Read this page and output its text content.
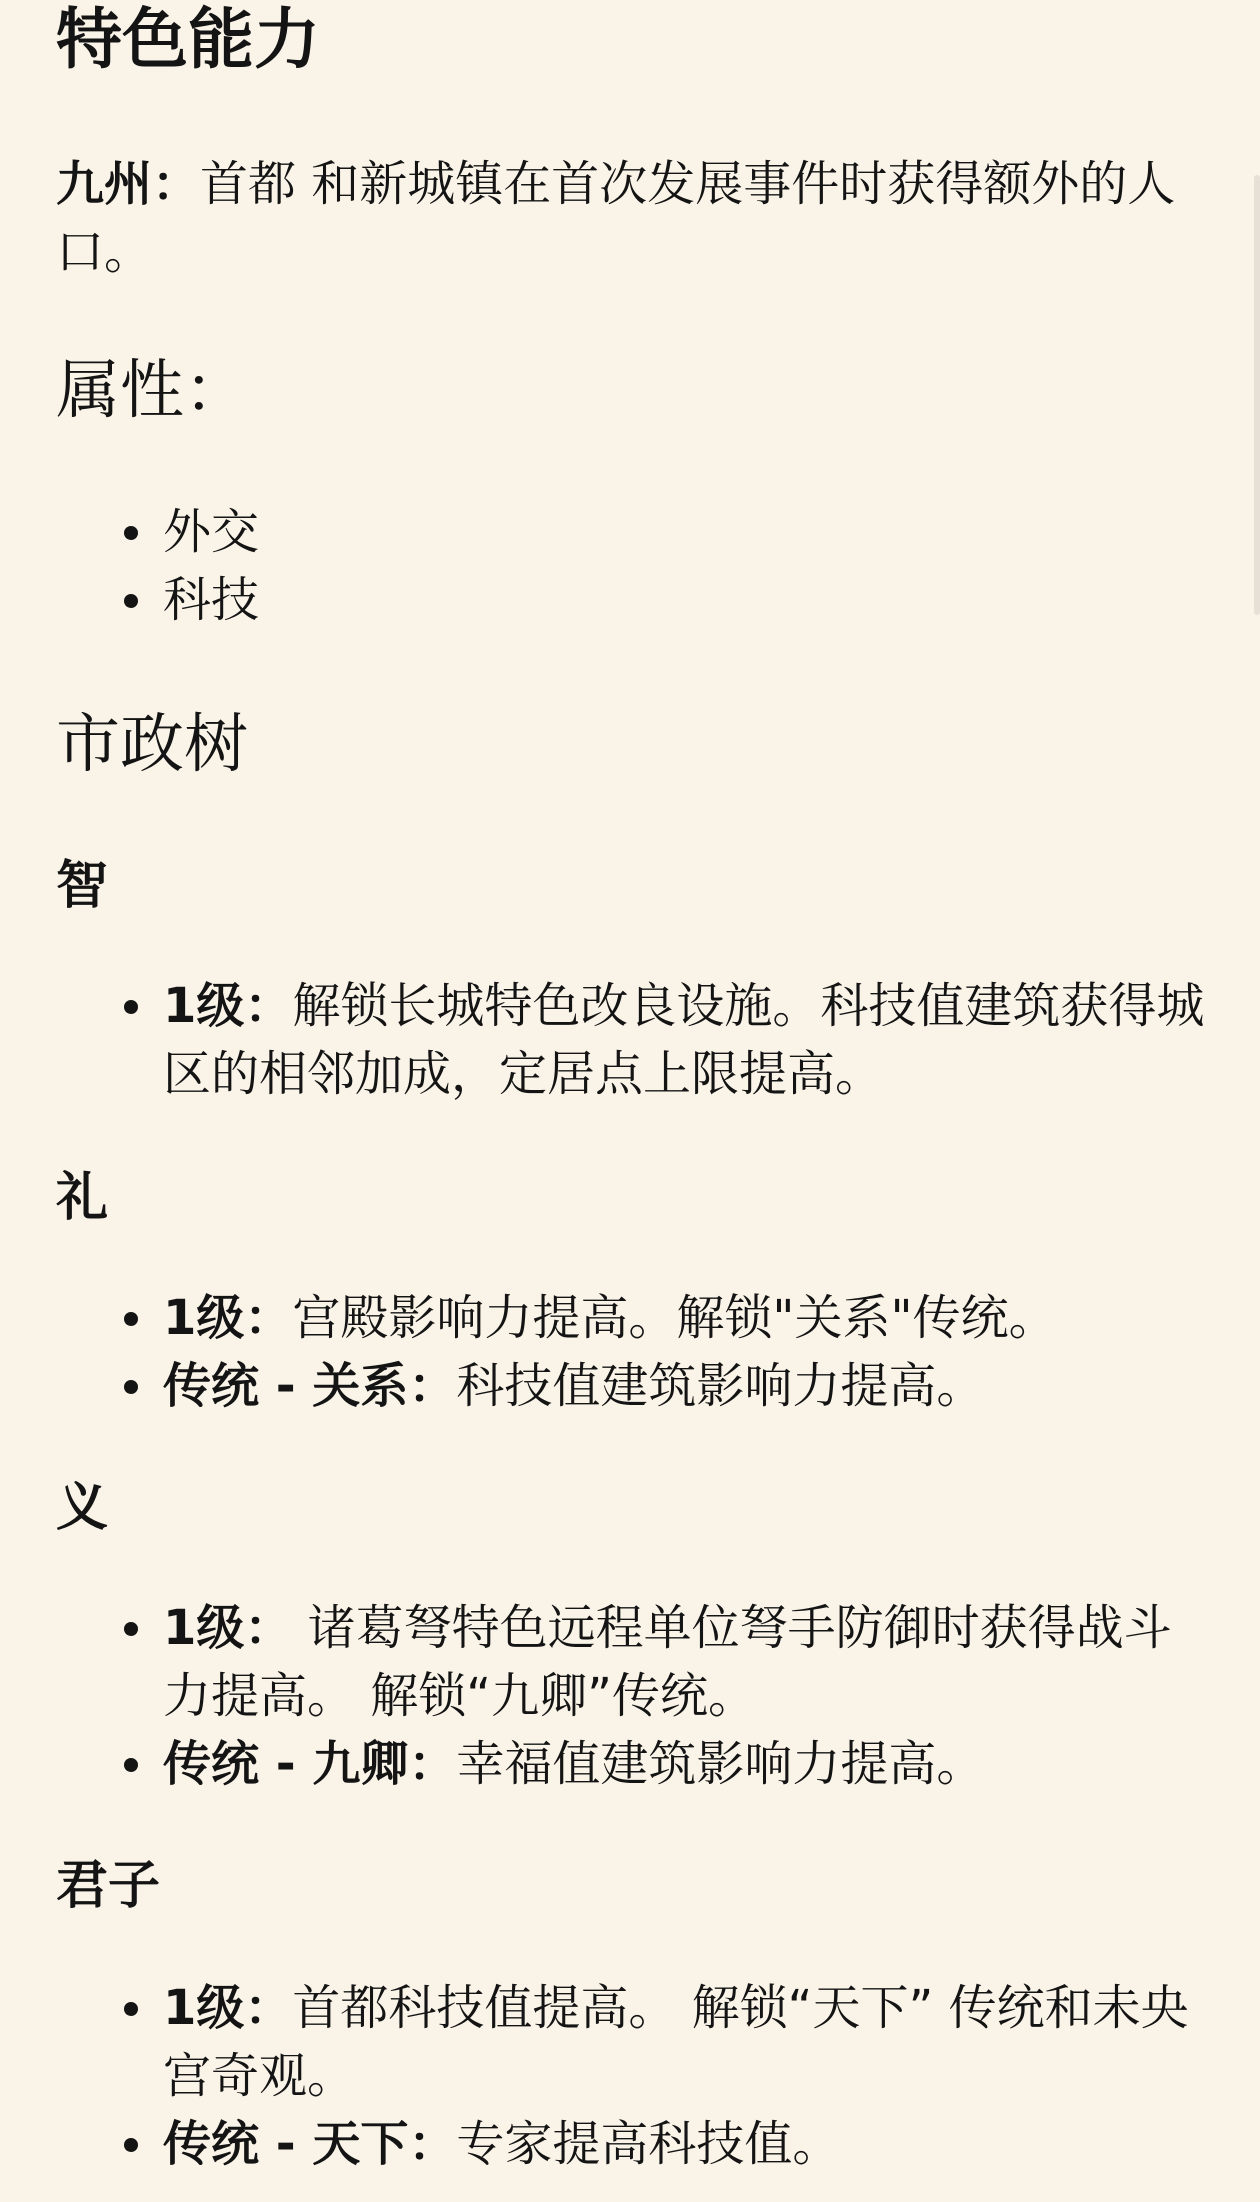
特色能力
九州：首都 和新城镇在首次发展事件时获得额外的人口。
属性：
外交
科技
市政树
智
1级：解锁长城特色改良设施。科技值建筑获得城区的相邻加成，定居点上限提高。
礼
1级：宫殿影响力提高。解锁"关系"传统。
传统 - 关系：科技值建筑影响力提高。
义
1级： 诸葛弩特色远程单位弩手防御时获得战斗力提高。 解锁“九卿”传统。
传统 - 九卿：幸福值建筑影响力提高。
君子
1级：首都科技值提高。 解锁“天下” 传统和未央宫奇观。
传统 - 天下：专家提高科技值。
